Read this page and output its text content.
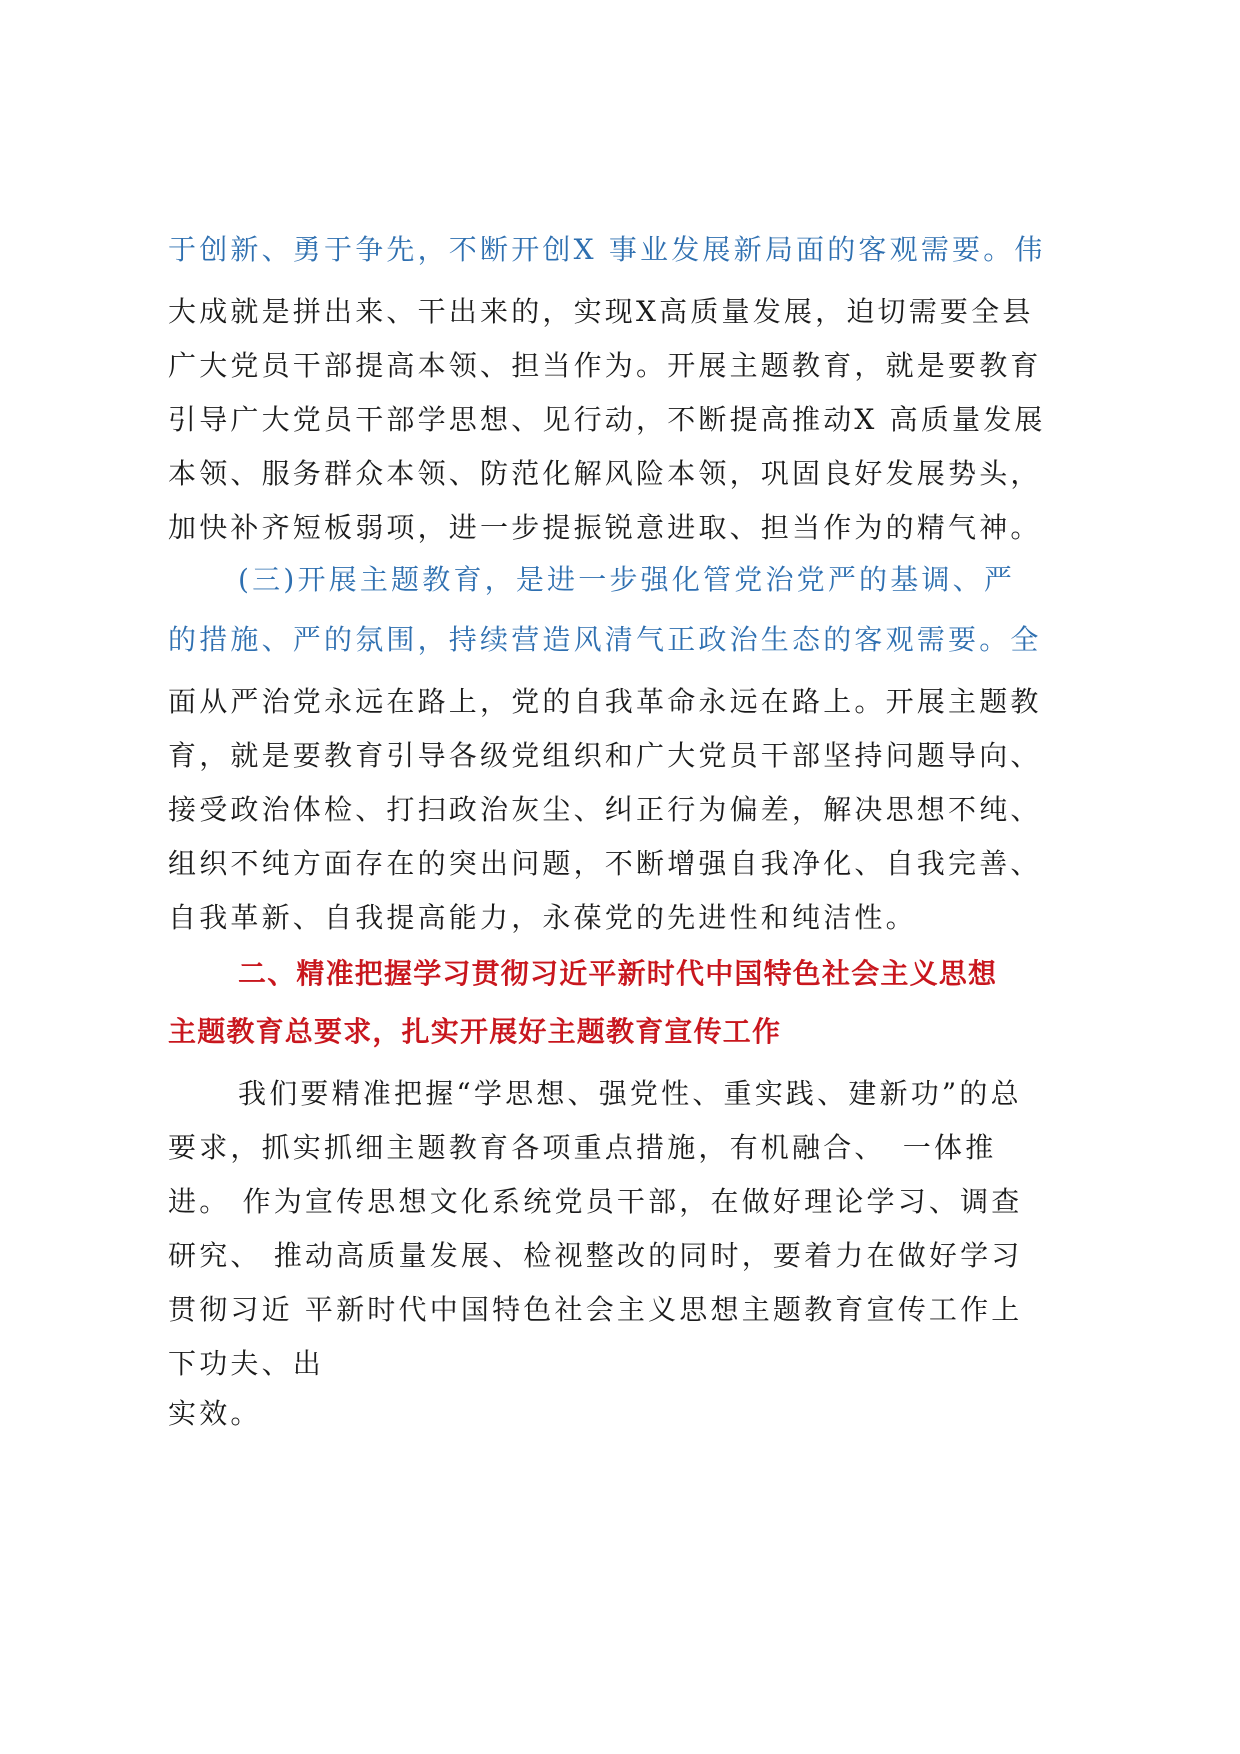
于创新、勇于争先，不断开创X 事业发展新局面的客观需要。伟
大成就是拼出来、干出来的，实现X高质量发展，迫切需要全县
广大党员干部提高本领、担当作为。开展主题教育，就是要教育
引导广大党员干部学思想、见行动，不断提高推动X 高质量发展
本领、服务群众本领、防范化解风险本领，巩固良好发展势头，
加快补齐短板弱项，进一步提振锐意进取、担当作为的精气神。
(三)开展主题教育，是进一步强化管党治党严的基调、严
的措施、严的氛围，持续营造风清气正政治生态的客观需要。全
面从严治党永远在路上，党的自我革命永远在路上。开展主题教
育，就是要教育引导各级党组织和广大党员干部坚持问题导向、
接受政治体检、打扫政治灰尘、纠正行为偏差，解决思想不纯、
组织不纯方面存在的突出问题，不断增强自我净化、自我完善、
自我革新、自我提高能力，永葆党的先进性和纯洁性。
二、精准把握学习贯彻习近平新时代中国特色社会主义思想
主题教育总要求，扎实开展好主题教育宣传工作
我们要精准把握“学思想、强党性、重实践、建新功”的总
要求，抓实抓细主题教育各项重点措施，有机融合、　一体推
进。 作为宣传思想文化系统党员干部，在做好理论学习、调查
研究、 推动高质量发展、检视整改的同时，要着力在做好学习
贯彻习近 平新时代中国特色社会主义思想主题教育宣传工作上
下功夫、出
实效。
